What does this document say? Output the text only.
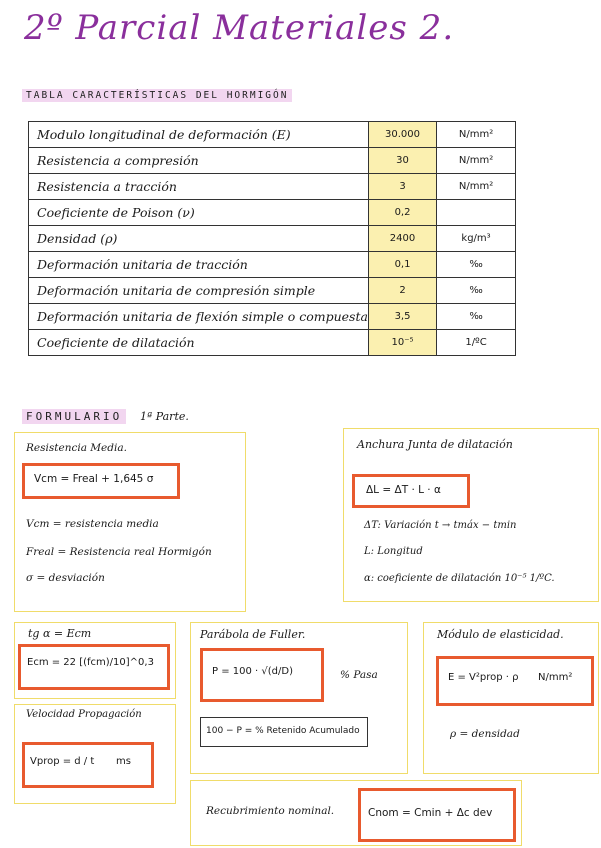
2º Parcial Materiales 2.
TABLA CARACTERÍSTICAS DEL HORMIGÓN
Modulo longitudinal de deformación (E)	30.000	N/mm²
Resistencia a compresión	30	N/mm²
Resistencia a tracción	3	N/mm²
Coeficiente de Poison (ν)	0,2	
Densidad (ρ)	2400	kg/m³
Deformación unitaria de tracción	0,1	‰
Deformación unitaria de compresión simple	2	‰
Deformación unitaria de flexión simple o compuesta	3,5	‰
Coeficiente de dilatación	10⁻⁵	1/ºC
FORMULARIO	1ª Parte.
Resistencia Media.
Vcm = Freal + 1,645 σ
Vcm = resistencia media
Freal = Resistencia real Hormigón
σ = desviación
Anchura Junta de dilatación
ΔL = ΔT · L · α
ΔT: Variación t → tmáx − tmin
L: Longitud
α: coeficiente de dilatación 10⁻⁵ 1/ºC.
tg α = Ecm
Ecm = 22 [(fcm)/10]^0,3
Velocidad Propagación
Vprop = d / t ms
Parábola de Fuller.
P = 100 · √(d/D)	% Pasa
100 − P = % Retenido Acumulado
Módulo de elasticidad.
E = V²prop · ρ N/mm²
ρ = densidad
Recubrimiento nominal.	Cnom = Cmin + Δc dev
